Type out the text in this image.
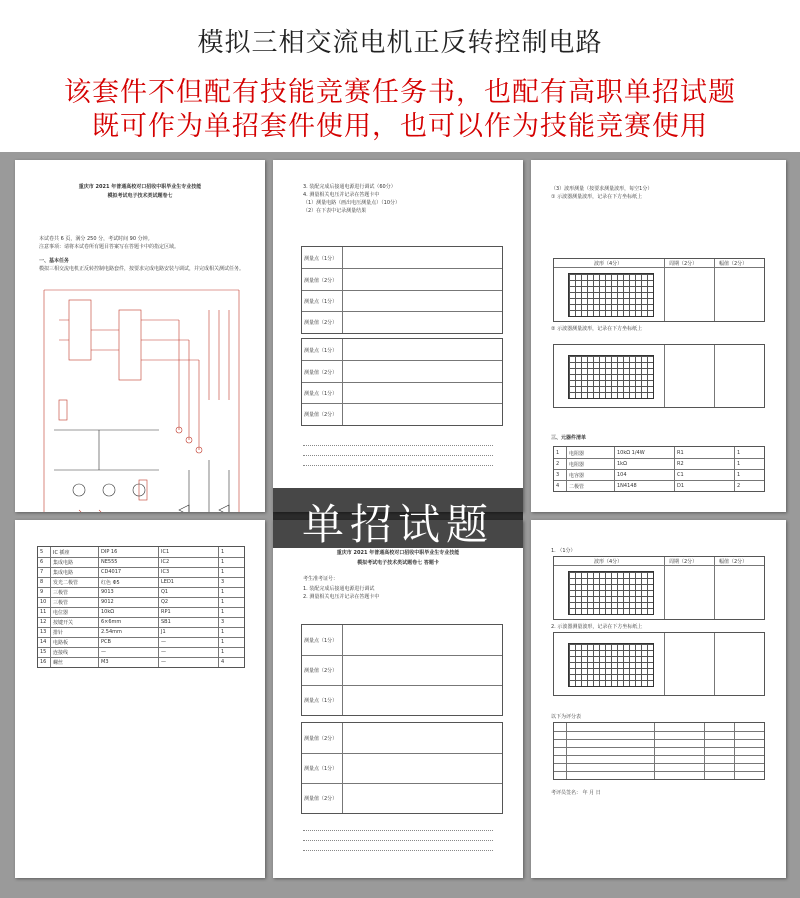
模拟三相交流电机正反转控制电路
该套件不但配有技能竞赛任务书，也配有高职单招试题
既可作为单招套件使用，也可以作为技能竞赛使用
重庆市 2021 年普通高校对口招收中职毕业生专业技能
模拟考试电子技术类试题卷七
本试卷共 6 页，满分 250 分，考试时间 90 分钟。
注意事项：请将本试卷所有题目答案写在答题卡中的指定区域。
一、基本任务
模拟三相交流电机正反转控制电路套件，按要求完成电路安装与调试，并完成相关测试任务。
3. 装配完成后接通电源进行调试（60分）
4. 测量相关电压并记录在答题卡中
（1）测量电路（画出电压测量点）（10分）
（2）在下表中记录测量结果
测量点（1分）
测量值（2分）
测量点（1分）
测量值（2分）
测量点（1分）
测量值（2分）
测量点（1分）
测量值（2分）
（3）波形测量（按要求测量波形，每空1分）
① 示波器测量波形，记录在下方坐标纸上
波形（4分）	周期（2分）	幅值（2分）
② 示波器测量波形，记录在下方坐标纸上
三、元器件清单
1 电阻器	10kΩ 1/4W	R1	1
2 电阻器	1kΩ	R2	1
3 电容器	104	C1	1
4 二极管	1N4148	D1	2
5 IC 插座	DIP 16	IC1	1
6 集成电路	NE555	IC2	1
7 集成电路	CD4017	IC3	1
8 发光二极管	红色 Φ5	LED1	3
9 三极管	9013	Q1	1
10 三极管	9012	Q2	1
11 电位器	10kΩ	RP1	1
12 按键开关	6×6mm	SB1	3
13 排针	2.54mm	J1	1
14 电路板	PCB	—	1
15 连接线	—	—	1
16 螺丝	M3	—	4
重庆市 2021 年普通高校对口招收中职毕业生专业技能
模拟考试电子技术类试题卷七 答题卡
考生准考证号：
1. 装配完成后接通电源进行调试
2. 测量相关电压并记录在答题卡中
测量点（1分）
测量值（2分）
测量点（1分）
测量值（2分）
测量点（1分）
测量值（2分）
1. （1分）
波形（4分）	周期（2分）	幅值（2分）
2. 示波器测量波形，记录在下方坐标纸上
以下为评分表
考评员签名： 年 月 日
单招试题
